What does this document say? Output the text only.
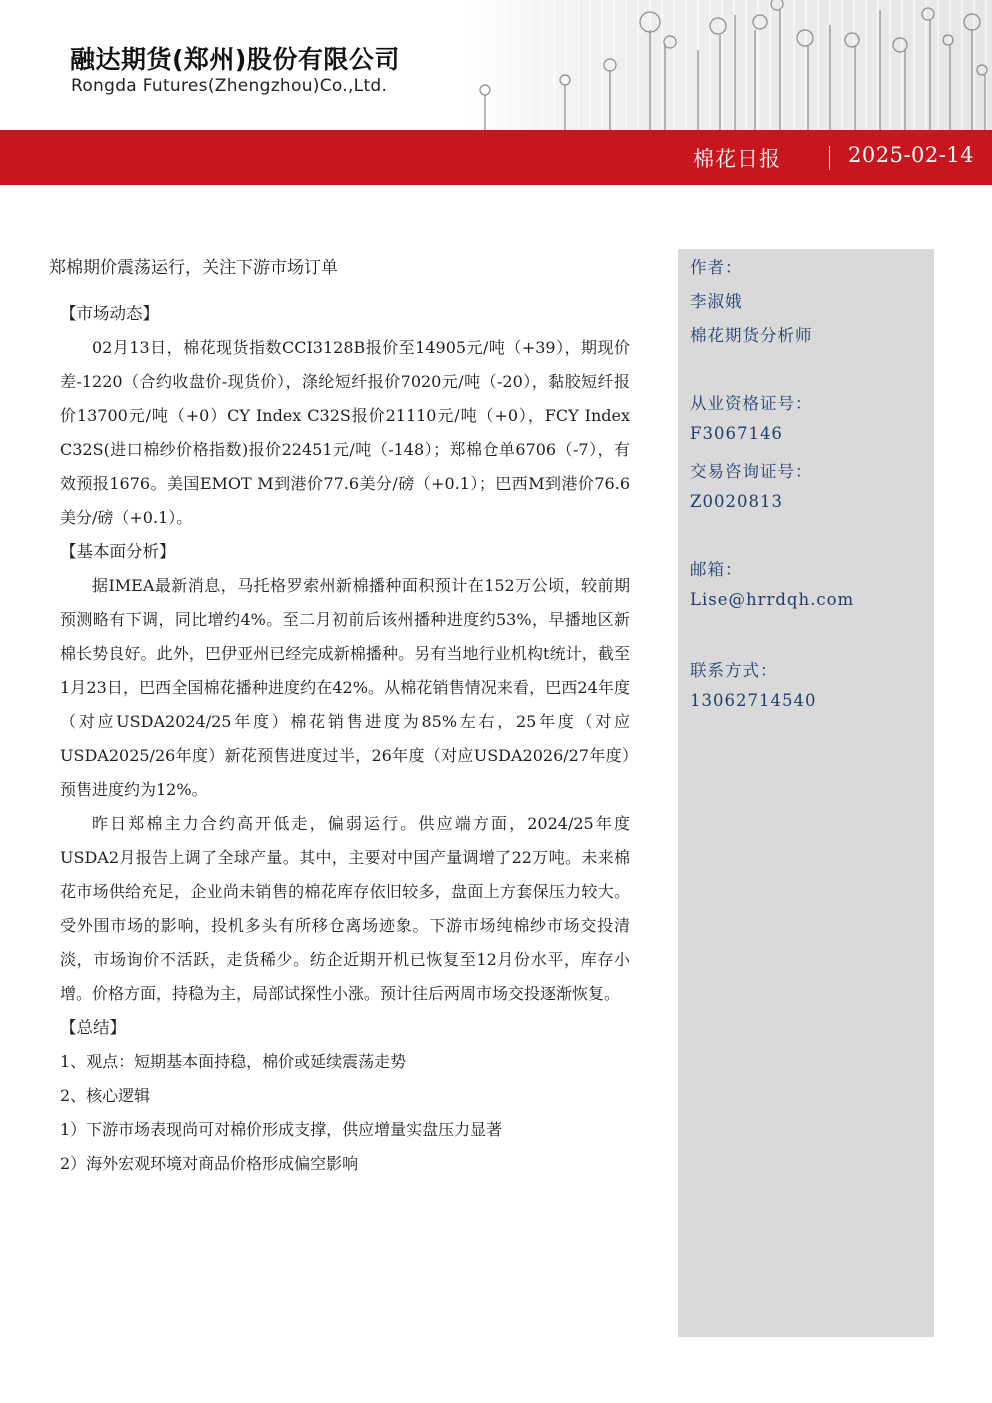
融达期货(郑州)股份有限公司
Rongda Futures(Zhengzhou)Co.,Ltd.
棉花日报	2025-02-14
郑棉期价震荡运行，关注下游市场订单
【市场动态】

02月13日，棉花现货指数CCI3128B报价至14905元/吨（+39），期现价差-1220（合约收盘价-现货价），涤纶短纤报价7020元/吨（-20），黏胶短纤报价13700元/吨（+0）CY Index C32S报价21110元/吨（+0），FCY Index C32S(进口棉纱价格指数)报价22451元/吨（-148）；郑棉仓单6706（-7），有效预报1676。美国EMOT M到港价77.6美分/磅（+0.1）；巴西M到港价76.6美分/磅（+0.1）。

【基本面分析】

据IMEA最新消息，马托格罗索州新棉播种面积预计在152万公顷，较前期预测略有下调，同比增约4%。至二月初前后该州播种进度约53%，早播地区新棉长势良好。此外，巴伊亚州已经完成新棉播种。另有当地行业机构t统计，截至1月23日，巴西全国棉花播种进度约在42%。从棉花销售情况来看，巴西24年度（对应USDA2024/25年度）棉花销售进度为85%左右，25年度（对应USDA2025/26年度）新花预售进度过半，26年度（对应USDA2026/27年度）预售进度约为12%。

昨日郑棉主力合约高开低走，偏弱运行。供应端方面，2024/25年度USDA2月报告上调了全球产量。其中，主要对中国产量调增了22万吨。未来棉花市场供给充足，企业尚未销售的棉花库存依旧较多，盘面上方套保压力较大。受外围市场的影响，投机多头有所移仓离场迹象。下游市场纯棉纱市场交投清淡，市场询价不活跃，走货稀少。纺企近期开机已恢复至12月份水平，库存小增。价格方面，持稳为主，局部试探性小涨。预计往后两周市场交投逐渐恢复。

【总结】
1、观点：短期基本面持稳，棉价或延续震荡走势
2、核心逻辑
1）下游市场表现尚可对棉价形成支撑，供应增量实盘压力显著
2）海外宏观环境对商品价格形成偏空影响
作者：
李淑娥
棉花期货分析师
从业资格证号：
F3067146
交易咨询证号：
Z0020813
邮箱：
Lise@hrrdqh.com
联系方式：
13062714540
